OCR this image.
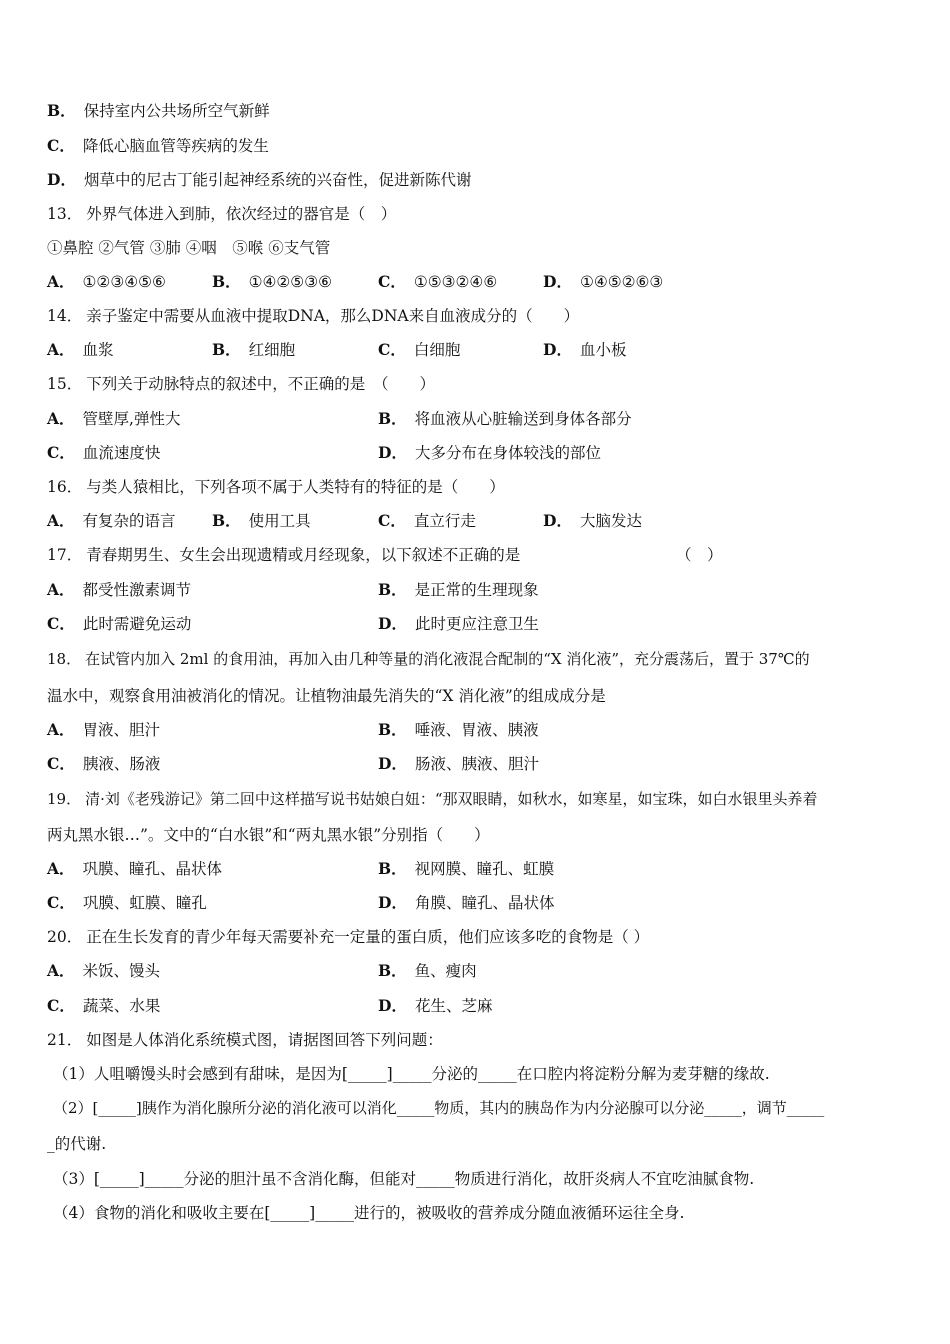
B． 保持室内公共场所空气新鲜
C． 降低心脑血管等疾病的发生
D． 烟草中的尼古丁能引起神经系统的兴奋性，促进新陈代谢
13． 外界气体进入到肺，依次经过的器官是（　）
①鼻腔 ②气管 ③肺 ④咽　⑤喉 ⑥支气管
A． ①②③④⑤⑥	B． ①④②⑤③⑥	C． ①⑤③②④⑥	D． ①④⑤②⑥③
14． 亲子鉴定中需要从血液中提取DNA，那么DNA来自血液成分的（　　）
A． 血浆	B． 红细胞	C． 白细胞	D． 血小板
15． 下列关于动脉特点的叙述中，不正确的是　（　　）
A． 管壁厚,弹性大	B． 将血液从心脏输送到身体各部分
C． 血流速度快	D． 大多分布在身体较浅的部位
16． 与类人猿相比，下列各项不属于人类特有的特征的是（　　）
A． 有复杂的语言 B． 使用工具	C． 直立行走	D． 大脑发达
17． 青春期男生、女生会出现遗精或月经现象，以下叙述不正确的是	（　）
A． 都受性激素调节	B． 是正常的生理现象
C． 此时需避免运动	D． 此时更应注意卫生
18． 在试管内加入 2ml 的食用油，再加入由几种等量的消化液混合配制的“X 消化液”，充分震荡后，置于 37℃的
温水中，观察食用油被消化的情况。让植物油最先消失的“X 消化液”的组成成分是
A． 胃液、胆汁	B． 唾液、胃液、胰液
C． 胰液、肠液	D． 肠液、胰液、胆汁
19． 清·刘《老残游记》第二回中这样描写说书姑娘白妞：“那双眼睛，如秋水，如寒星，如宝珠，如白水银里头养着
两丸黑水银…”。文中的“白水银”和“两丸黑水银”分别指（　　）
A． 巩膜、瞳孔、晶状体	B． 视网膜、瞳孔、虹膜
C． 巩膜、虹膜、瞳孔	D． 角膜、瞳孔、晶状体
20． 正在生长发育的青少年每天需要补充一定量的蛋白质，他们应该多吃的食物是（ ）
A． 米饭、馒头	B． 鱼、瘦肉
C． 蔬菜、水果	D． 花生、芝麻
21． 如图是人体消化系统模式图，请据图回答下列问题：
（1）人咀嚼馒头时会感到有甜味，是因为[_____]_____分泌的_____在口腔内将淀粉分解为麦芽糖的缘故.
（2）[_____]胰作为消化腺所分泌的消化液可以消化_____物质，其内的胰岛作为内分泌腺可以分泌_____，调节_____
_的代谢.
（3）[_____]_____分泌的胆汁虽不含消化酶，但能对_____物质进行消化，故肝炎病人不宜吃油腻食物.
（4）食物的消化和吸收主要在[_____]_____进行的，被吸收的营养成分随血液循环运往全身.
